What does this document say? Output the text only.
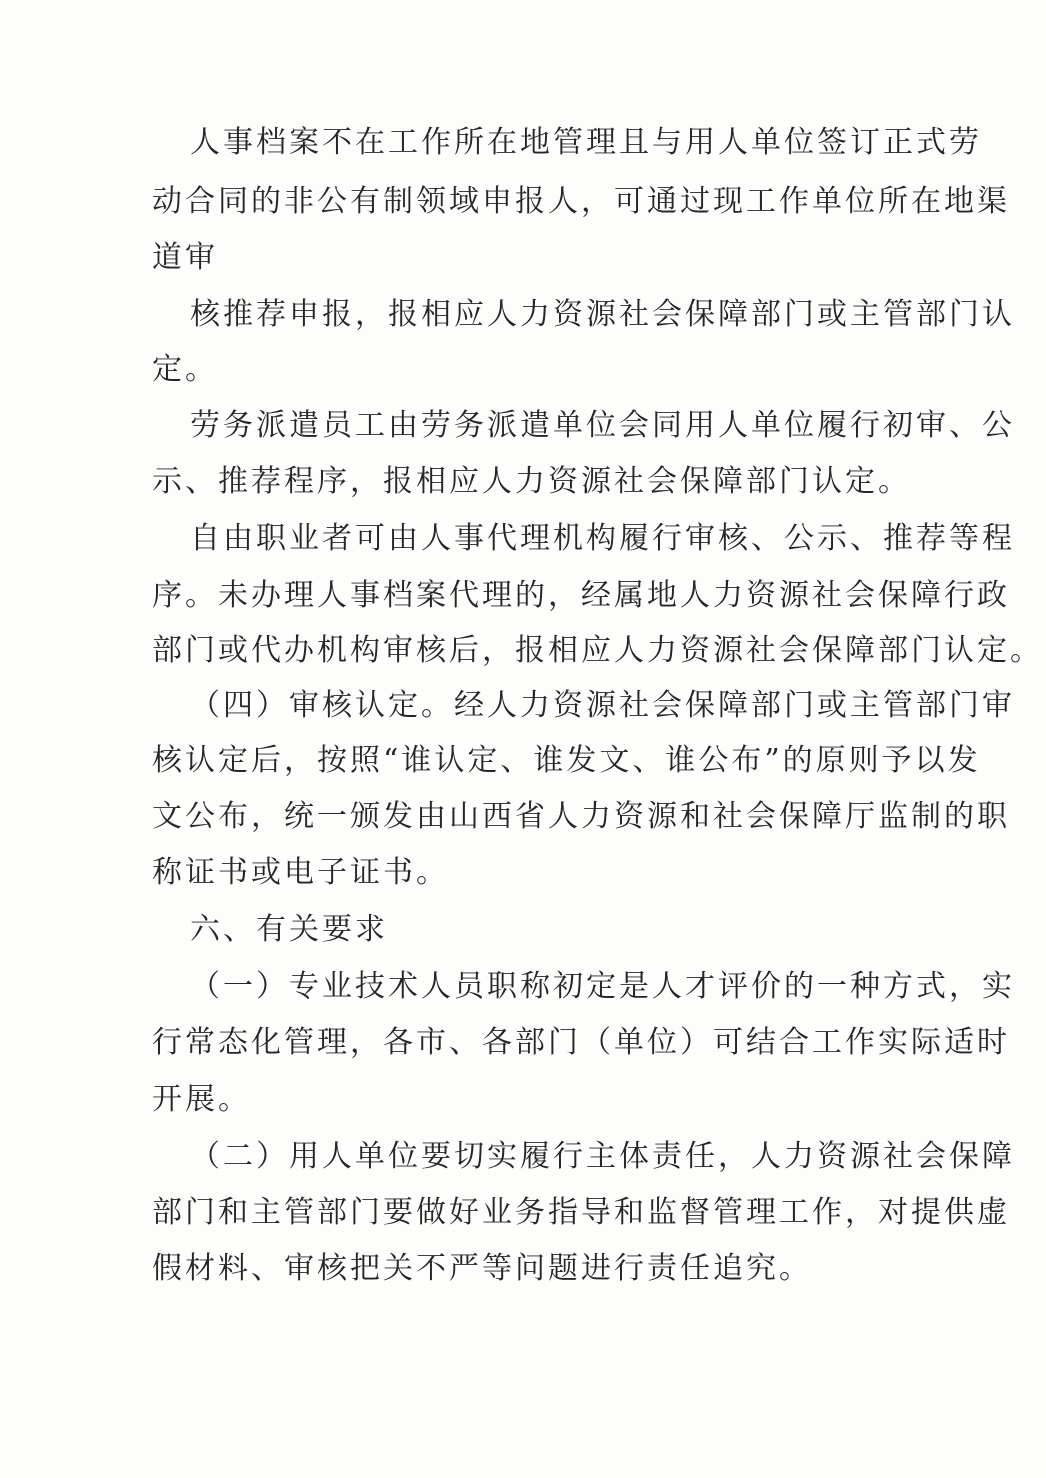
人事档案不在工作所在地管理且与用人单位签订正式劳
动合同的非公有制领域申报人，可通过现工作单位所在地渠
道审
核推荐申报，报相应人力资源社会保障部门或主管部门认
定。
劳务派遣员工由劳务派遣单位会同用人单位履行初审、公
示、推荐程序，报相应人力资源社会保障部门认定。
自由职业者可由人事代理机构履行审核、公示、推荐等程
序。未办理人事档案代理的，经属地人力资源社会保障行政
部门或代办机构审核后，报相应人力资源社会保障部门认定。
（四）审核认定。经人力资源社会保障部门或主管部门审
核认定后，按照“谁认定、谁发文、谁公布”的原则予以发
文公布，统一颁发由山西省人力资源和社会保障厅监制的职
称证书或电子证书。
六、有关要求
（一）专业技术人员职称初定是人才评价的一种方式，实
行常态化管理，各市、各部门（单位）可结合工作实际适时
开展。
（二）用人单位要切实履行主体责任，人力资源社会保障
部门和主管部门要做好业务指导和监督管理工作，对提供虚
假材料、审核把关不严等问题进行责任追究。
